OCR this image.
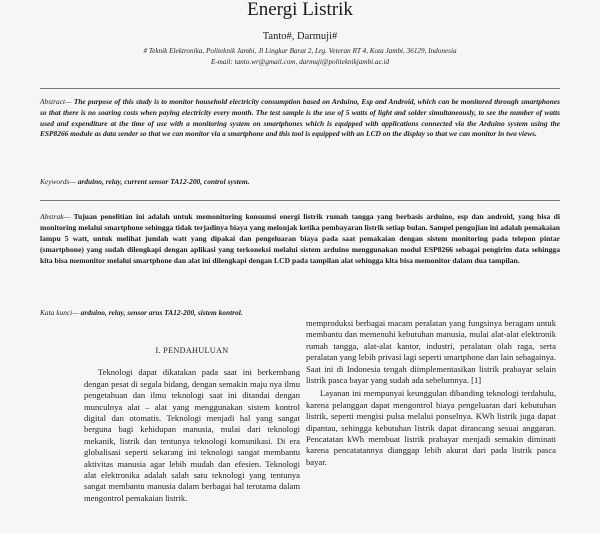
Energi Listrik
Tanto#, Darmuji#
# Teknik Elektronika, Politeknik Jambi, Jl Lingkar Barat 2, Lrg. Veteran RT 4, Kota Jambi, 36129, Indonesia
E-mail: tanto.wr@gmail.com, darmuji@politeknikjambi.ac.id
Abstract— The purpose of this study is to monitor household electricity consumption based on Arduino, Esp and Android, which can be monitored through smartphones so that there is no soaring costs when paying electricity every month. The test sample is the use of 5 watts of light and solder simultaneously, to see the number of watts used and expenditure at the time of use with a monitoring system on smartphones which is equipped with applications connected via the Arduino system using the ESP8266 module as data sender so that we can monitor via a smartphone and this tool is equipped with an LCD on the display so that we can monitor in two views.
Keywords— arduino, relay, current sensor TA12-200, control system.
Abstrak— Tujuan penelitian ini adalah untuk memonitoring konsumsi energi listrik rumah tangga yang berbasis arduino, esp dan android, yang bisa di monitoring melalui smartphone sehingga tidak terjadinya biaya yang melonjak ketika pembayaran listrik setiap bulan. Sampel pengujian ini adalah pemakaian lampu 5 watt, untuk melihat jumlah watt yang dipakai dan pengeluaran biaya pada saat pemakaian dengan sistem monitoring pada telepon pintar (smartphone) yang sudah dilengkapi dengan aplikasi yang terkoneksi melalui sistem arduino menggunakan modul ESP8266 sebagai pengirim data sehingga kita bisa memonitor melalui smartphone dan alat ini dilengkapi dengan LCD pada tampilan alat sehingga kita bisa memonitor dalam dua tampilan.
Kata kunci— arduino, relay, sensor arus TA12-200, sistem kontrol.
I. PENDAHULUAN

Teknologi dapat dikatakan pada saat ini berkembang dengan pesat di segala bidang, dengan semakin maju nya ilmu pengetahuan dan ilmu teknologi saat ini ditandai dengan munculnya alat – alat yang menggunakan sistem kontrol digital dan otomatis. Teknologi menjadi hal yang sangat berguna bagi kehidupan manusia, mulai dari teknologi mekanik, listrik dan tentunya teknologi komunikasi. Di era globalisasi seperti sekarang ini teknologi sangat membantu aktivitas manusia agar lebih mudah dan efesien. Teknologi alat elektronika adalah salah satu teknologi yang tentunya sangat membantu manusia dalam berbagai hal terutama dalam mengontrol pemakaian listrik.

memproduksi berbagai macam peralatan yang fungsinya beragam untuk membantu dan memenuhi kebutuhan manusia, mulai alat-alat elektronik rumah tangga, alat-alat kantor, industri, peralatan olah raga, serta peralatan yang lebih privasi lagi seperti smartphone dan lain sebagainya. Saat ini di Indonesia tengah diimplementasikan listrik prabayar selain listrik pasca bayar yang sudah ada sebelumnya. [1]

Layanan ini mempunyai keunggulan dibanding teknologi terdahulu, karena pelanggan dapat mengontrol biaya pengeluaran dari kebutuhan listrik, seperti mengisi pulsa melalui ponselnya. KWh listrik juga dapat dipantau, sehingga kebutuhan listrik dapat dirancang sesuai anggaran. Pencatatan kWh membuat listrik prabayar menjadi semakin diminati karena pencatatannya dianggap lebih akurat dari pada listrik pasca bayar.
